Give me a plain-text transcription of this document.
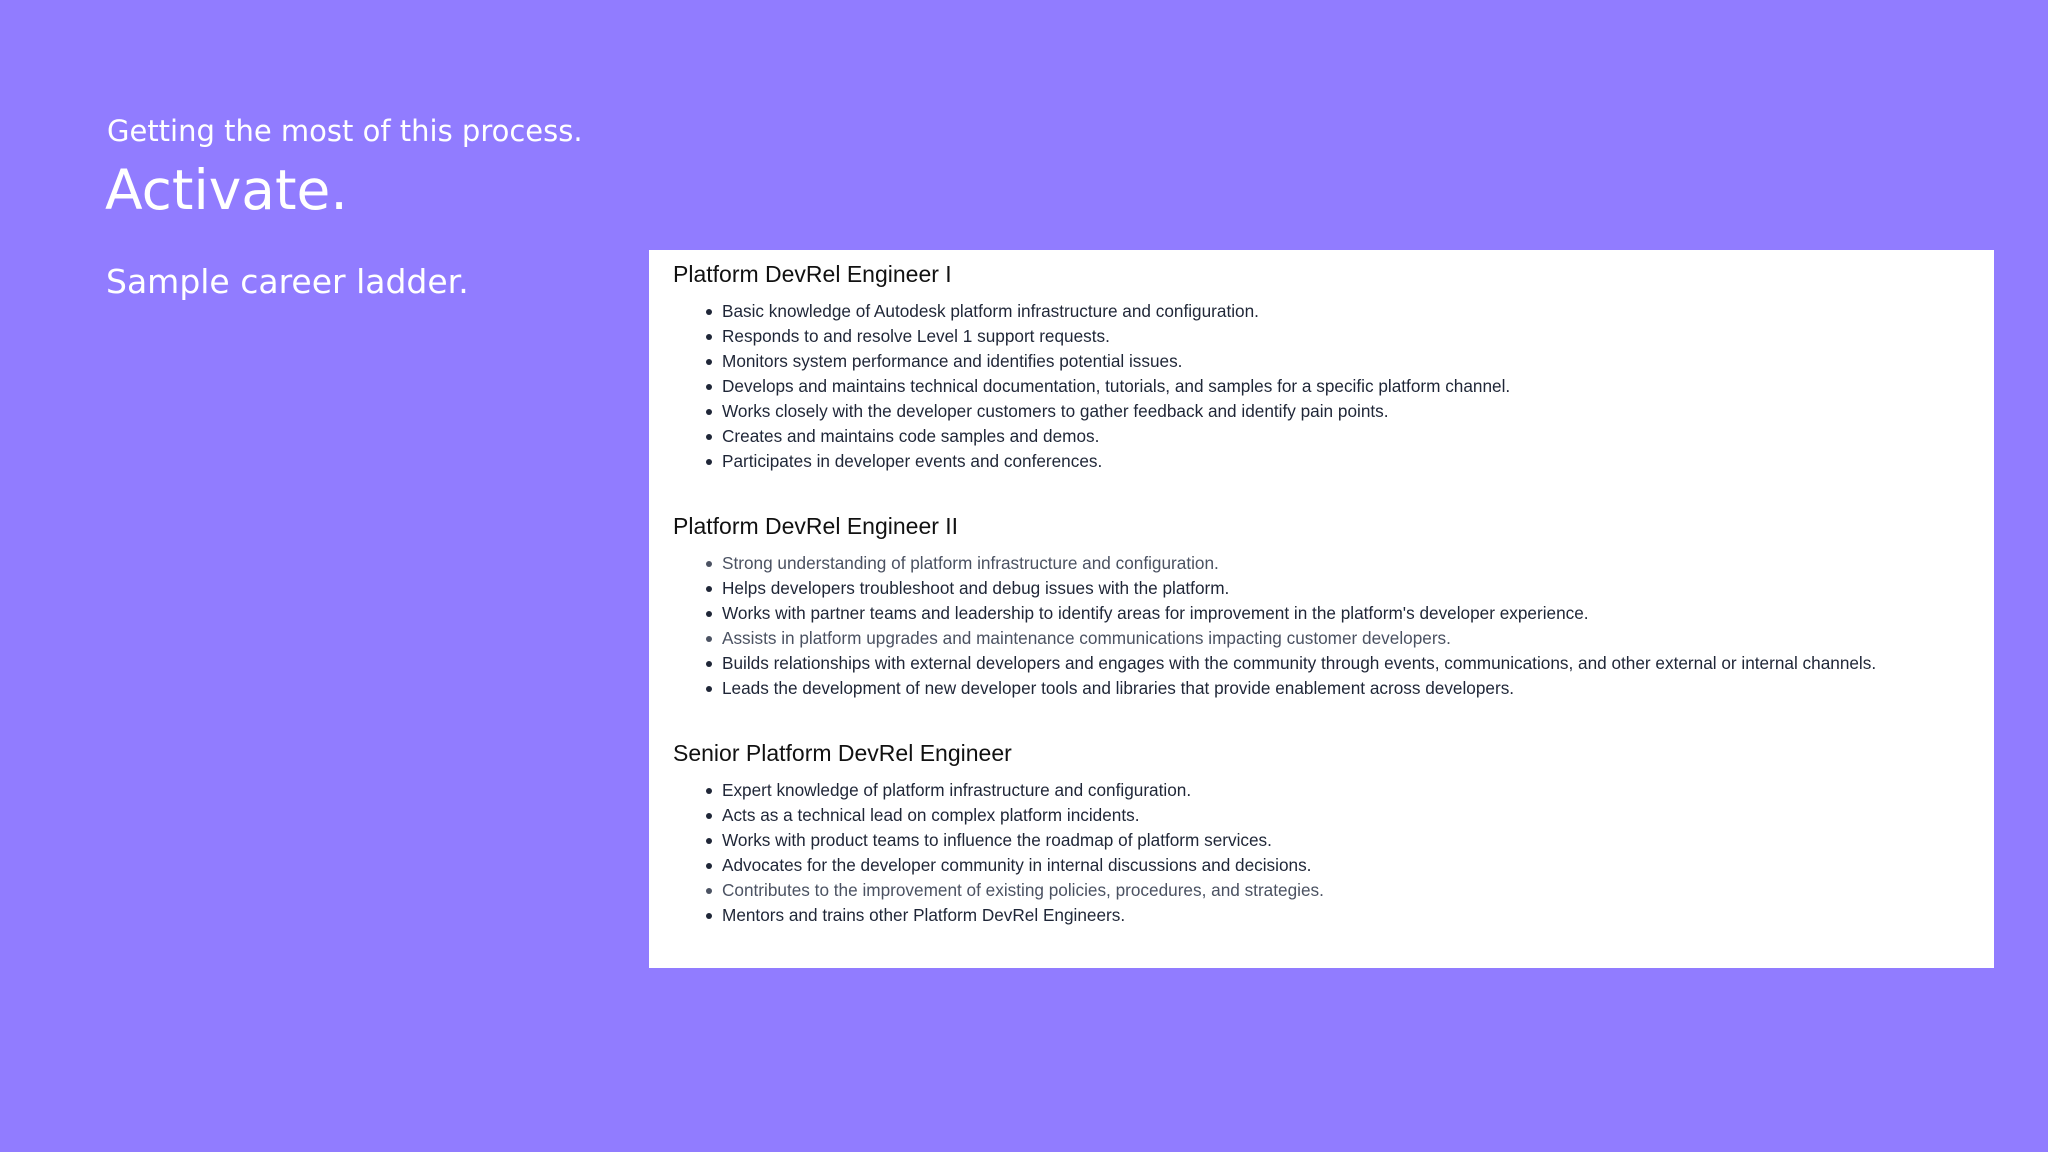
Getting the most of this process.
Activate.
Sample career ladder.	Platform DevRel Engineer I
Basic knowledge of Autodesk platform infrastructure and configuration.
Responds to and resolve Level 1 support requests.
Monitors system performance and identifies potential issues.
Develops and maintains technical documentation, tutorials, and samples for a specific platform channel.
Works closely with the developer customers to gather feedback and identify pain points.
Creates and maintains code samples and demos.
Participates in developer events and conferences.
Platform DevRel Engineer II
Strong understanding of platform infrastructure and configuration.
Helps developers troubleshoot and debug issues with the platform.
Works with partner teams and leadership to identify areas for improvement in the platform's developer experience.
Assists in platform upgrades and maintenance communications impacting customer developers.
Builds relationships with external developers and engages with the community through events, communications, and other external or internal channels.
Leads the development of new developer tools and libraries that provide enablement across developers.
Senior Platform DevRel Engineer
Expert knowledge of platform infrastructure and configuration.
Acts as a technical lead on complex platform incidents.
Works with product teams to influence the roadmap of platform services.
Advocates for the developer community in internal discussions and decisions.
Contributes to the improvement of existing policies, procedures, and strategies.
Mentors and trains other Platform DevRel Engineers.
